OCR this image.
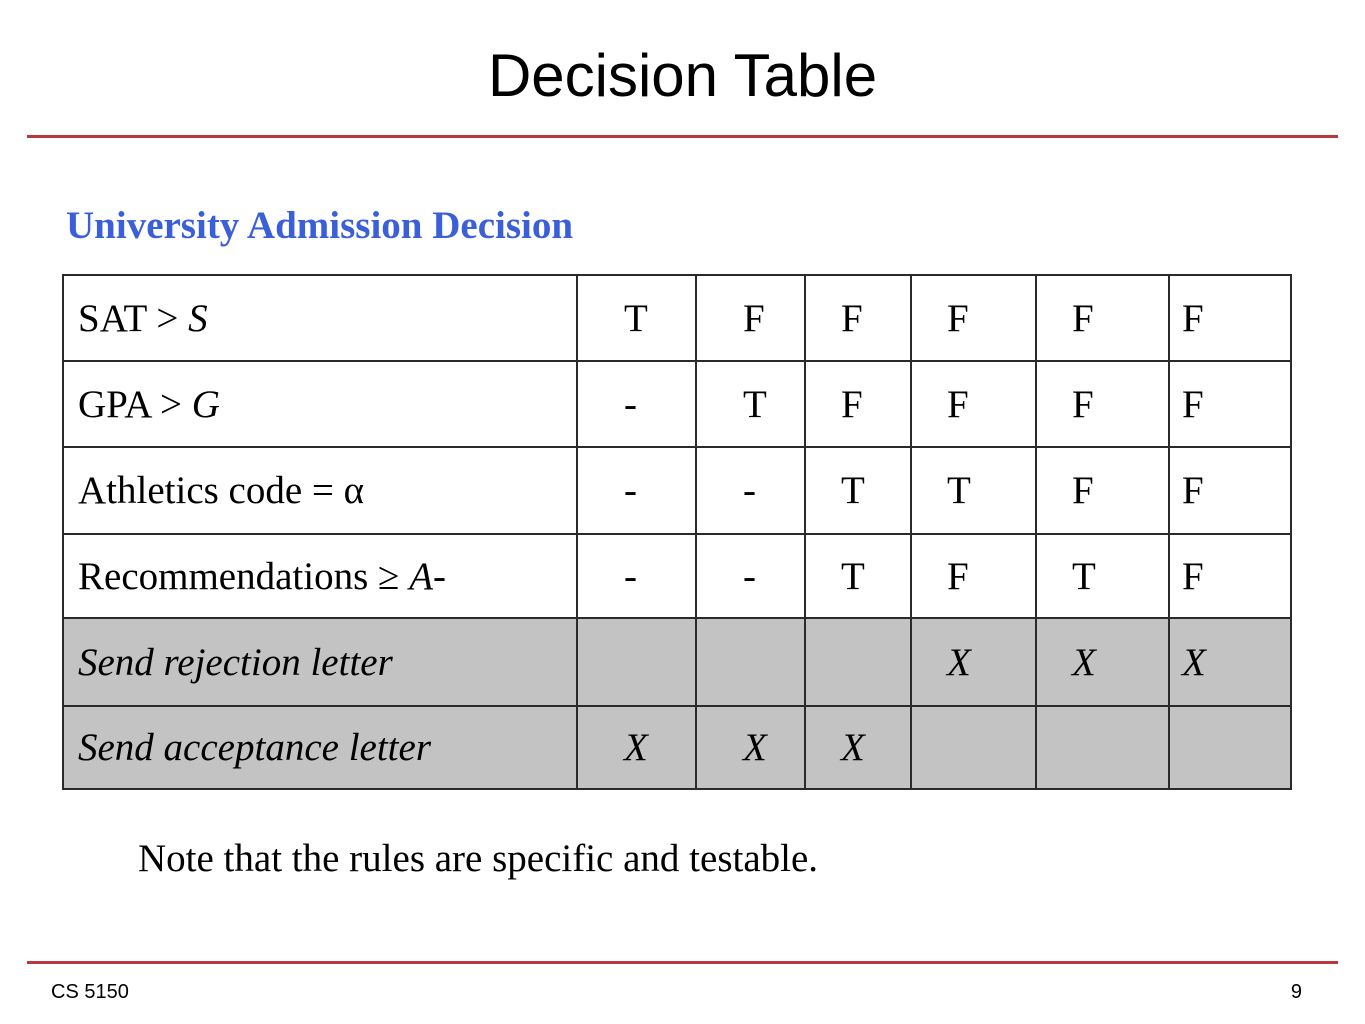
Decision Table
University Admission Decision
SAT > S	T	F	F	F	F	F
GPA > G	-	T	F	F	F	F
Athletics code = α	-	-	T	T	F	F
Recommendations ≥ A-	-	-	T	F	T	F
Send rejection letter				X	X	X
Send acceptance letter	X	X	X			
Note that the rules are specific and testable.
CS 5150	9
